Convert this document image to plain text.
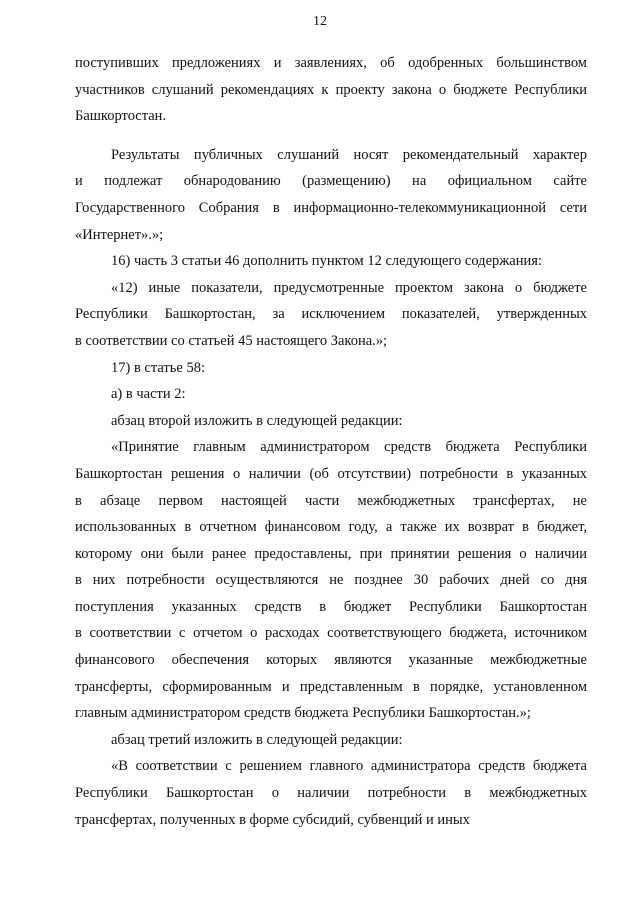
12
поступивших предложениях и заявлениях, об одобренных большинством
участников слушаний рекомендациях к проекту закона о бюджете Республики
Башкортостан.
Результаты публичных слушаний носят рекомендательный характер
и подлежат обнародованию (размещению) на официальном сайте
Государственного Собрания в информационно-телекоммуникационной сети
«Интернет».»;
16) часть 3 статьи 46 дополнить пунктом 12 следующего содержания:
«12) иные показатели, предусмотренные проектом закона о бюджете
Республики Башкортостан, за исключением показателей, утвержденных
в соответствии со статьей 45 настоящего Закона.»;
17) в статье 58:
а) в части 2:
абзац второй изложить в следующей редакции:
«Принятие главным администратором средств бюджета Республики
Башкортостан решения о наличии (об отсутствии) потребности в указанных
в абзаце первом настоящей части межбюджетных трансфертах, не
использованных в отчетном финансовом году, а также их возврат в бюджет,
которому они были ранее предоставлены, при принятии решения о наличии
в них потребности осуществляются не позднее 30 рабочих дней со дня
поступления указанных средств в бюджет Республики Башкортостан
в соответствии с отчетом о расходах соответствующего бюджета, источником
финансового обеспечения которых являются указанные межбюджетные
трансферты, сформированным и представленным в порядке, установленном
главным администратором средств бюджета Республики Башкортостан.»;
абзац третий изложить в следующей редакции:
«В соответствии с решением главного администратора средств бюджета
Республики Башкортостан о наличии потребности в межбюджетных
трансфертах, полученных в форме субсидий, субвенций и иных
